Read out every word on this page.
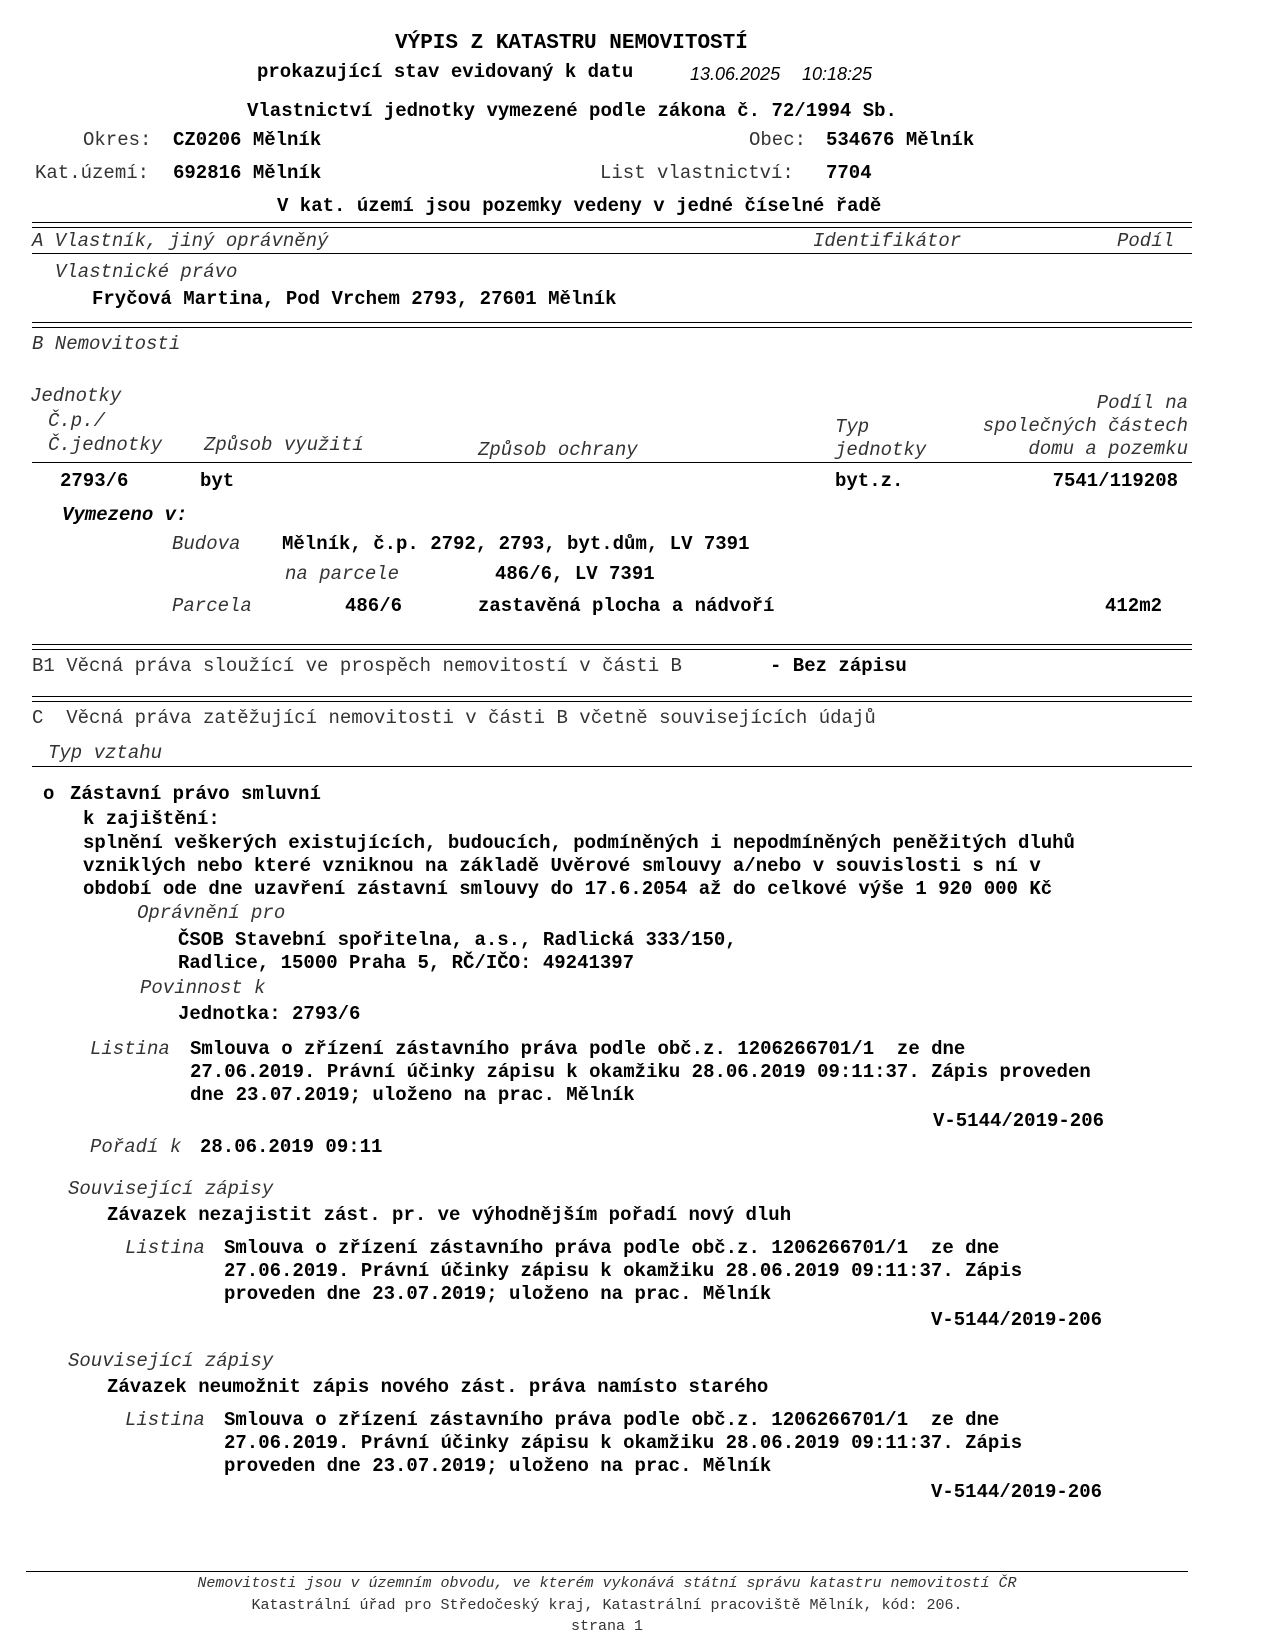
VÝPIS Z KATASTRU NEMOVITOSTÍ
prokazující stav evidovaný k datu	13.06.2025 10:18:25
Vlastnictví jednotky vymezené podle zákona č. 72/1994 Sb.
Okres: CZ0206 Mělník	Obec: 534676 Mělník
Kat.území: 692816 Mělník	List vlastnictví: 7704
V kat. území jsou pozemky vedeny v jedné číselné řadě
A Vlastník, jiný oprávněný	Identifikátor	Podíl
Vlastnické právo
Fryčová Martina, Pod Vrchem 2793, 27601 Mělník
B Nemovitosti
Jednotky
Č.p./
Č.jednotky Způsob využití	Způsob ochrany
Typ
jednotky
Podíl na
společných částech
domu a pozemku
2793/6	byt	byt.z.	7541/119208
Vymezeno v:
Budova Mělník, č.p. 2792, 2793, byt.dům, LV 7391
na parcele	486/6, LV 7391
Parcela	486/6	zastavěná plocha a nádvoří	412m2
B1 Věcná práva sloužící ve prospěch nemovitostí v části B	- Bez zápisu
C  Věcná práva zatěžující nemovitosti v části B včetně souvisejících údajů
Typ vztahu
o Zástavní právo smluvní
k zajištění:
splnění veškerých existujících, budoucích, podmíněných i nepodmíněných peněžitých dluhů
vzniklých nebo které vzniknou na základě Uvěrové smlouvy a/nebo v souvislosti s ní v
období ode dne uzavření zástavní smlouvy do 17.6.2054 až do celkové výše 1 920 000 Kč
Oprávnění pro
ČSOB Stavební spořitelna, a.s., Radlická 333/150,
Radlice, 15000 Praha 5, RČ/IČO: 49241397
Povinnost k
Jednotka: 2793/6
Listina Smlouva o zřízení zástavního práva podle obč.z. 1206266701/1  ze dne
27.06.2019. Právní účinky zápisu k okamžiku 28.06.2019 09:11:37. Zápis proveden
dne 23.07.2019; uloženo na prac. Mělník
V-5144/2019-206
Pořadí k 28.06.2019 09:11
Související zápisy
Závazek nezajistit zást. pr. ve výhodnějším pořadí nový dluh
Listina Smlouva o zřízení zástavního práva podle obč.z. 1206266701/1  ze dne
27.06.2019. Právní účinky zápisu k okamžiku 28.06.2019 09:11:37. Zápis
proveden dne 23.07.2019; uloženo na prac. Mělník
V-5144/2019-206
Související zápisy
Závazek neumožnit zápis nového zást. práva namísto starého
Listina Smlouva o zřízení zástavního práva podle obč.z. 1206266701/1  ze dne
27.06.2019. Právní účinky zápisu k okamžiku 28.06.2019 09:11:37. Zápis
proveden dne 23.07.2019; uloženo na prac. Mělník
V-5144/2019-206
Nemovitosti jsou v územním obvodu, ve kterém vykonává státní správu katastru nemovitostí ČR
Katastrální úřad pro Středočeský kraj, Katastrální pracoviště Mělník, kód: 206.
strana 1
